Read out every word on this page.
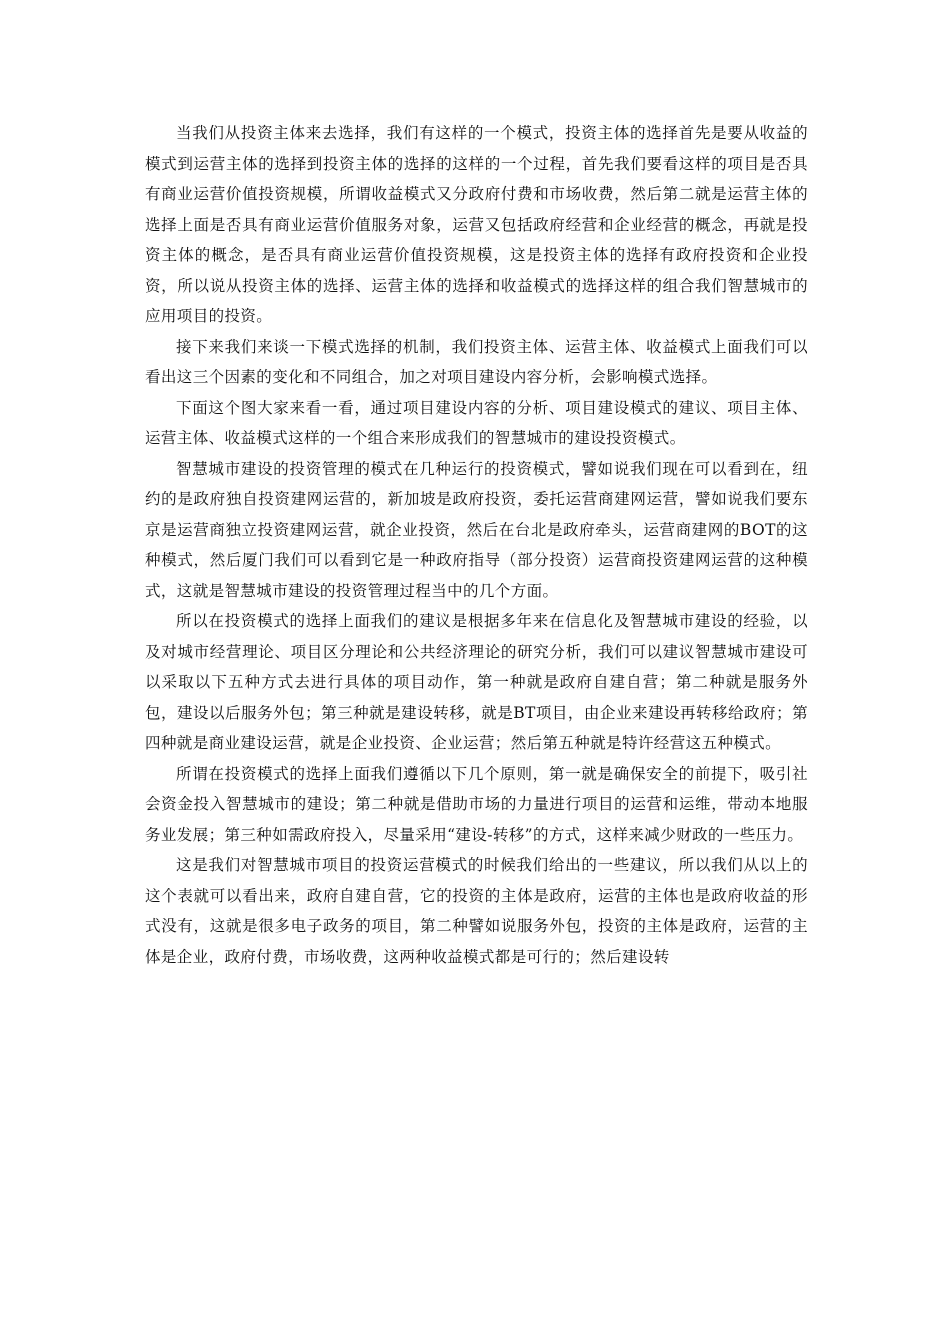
当我们从投资主体来去选择，我们有这样的一个模式，投资主体的选择首先是要从收益的模式到运营主体的选择到投资主体的选择的这样的一个过程，首先我们要看这样的项目是否具有商业运营价值投资规模，所谓收益模式又分政府付费和市场收费，然后第二就是运营主体的选择上面是否具有商业运营价值服务对象，运营又包括政府经营和企业经营的概念，再就是投资主体的概念，是否具有商业运营价值投资规模，这是投资主体的选择有政府投资和企业投资，所以说从投资主体的选择、运营主体的选择和收益模式的选择这样的组合我们智慧城市的应用项目的投资。

接下来我们来谈一下模式选择的机制，我们投资主体、运营主体、收益模式上面我们可以看出这三个因素的变化和不同组合，加之对项目建设内容分析，会影响模式选择。

下面这个图大家来看一看，通过项目建设内容的分析、项目建设模式的建议、项目主体、运营主体、收益模式这样的一个组合来形成我们的智慧城市的建设投资模式。

智慧城市建设的投资管理的模式在几种运行的投资模式，譬如说我们现在可以看到在，纽约的是政府独自投资建网运营的，新加坡是政府投资，委托运营商建网运营，譬如说我们要东京是运营商独立投资建网运营，就企业投资，然后在台北是政府牵头，运营商建网的BOT的这种模式，然后厦门我们可以看到它是一种政府指导（部分投资）运营商投资建网运营的这种模式，这就是智慧城市建设的投资管理过程当中的几个方面。

所以在投资模式的选择上面我们的建议是根据多年来在信息化及智慧城市建设的经验，以及对城市经营理论、项目区分理论和公共经济理论的研究分析，我们可以建议智慧城市建设可以采取以下五种方式去进行具体的项目动作，第一种就是政府自建自营；第二种就是服务外包，建设以后服务外包；第三种就是建设转移，就是BT项目，由企业来建设再转移给政府；第四种就是商业建设运营，就是企业投资、企业运营；然后第五种就是特许经营这五种模式。

所谓在投资模式的选择上面我们遵循以下几个原则，第一就是确保安全的前提下，吸引社会资金投入智慧城市的建设；第二种就是借助市场的力量进行项目的运营和运维，带动本地服务业发展；第三种如需政府投入，尽量采用“建设-转移”的方式，这样来减少财政的一些压力。

这是我们对智慧城市项目的投资运营模式的时候我们给出的一些建议，所以我们从以上的这个表就可以看出来，政府自建自营，它的投资的主体是政府，运营的主体也是政府收益的形式没有，这就是很多电子政务的项目，第二种譬如说服务外包，投资的主体是政府，运营的主体是企业，政府付费，市场收费，这两种收益模式都是可行的；然后建设转
